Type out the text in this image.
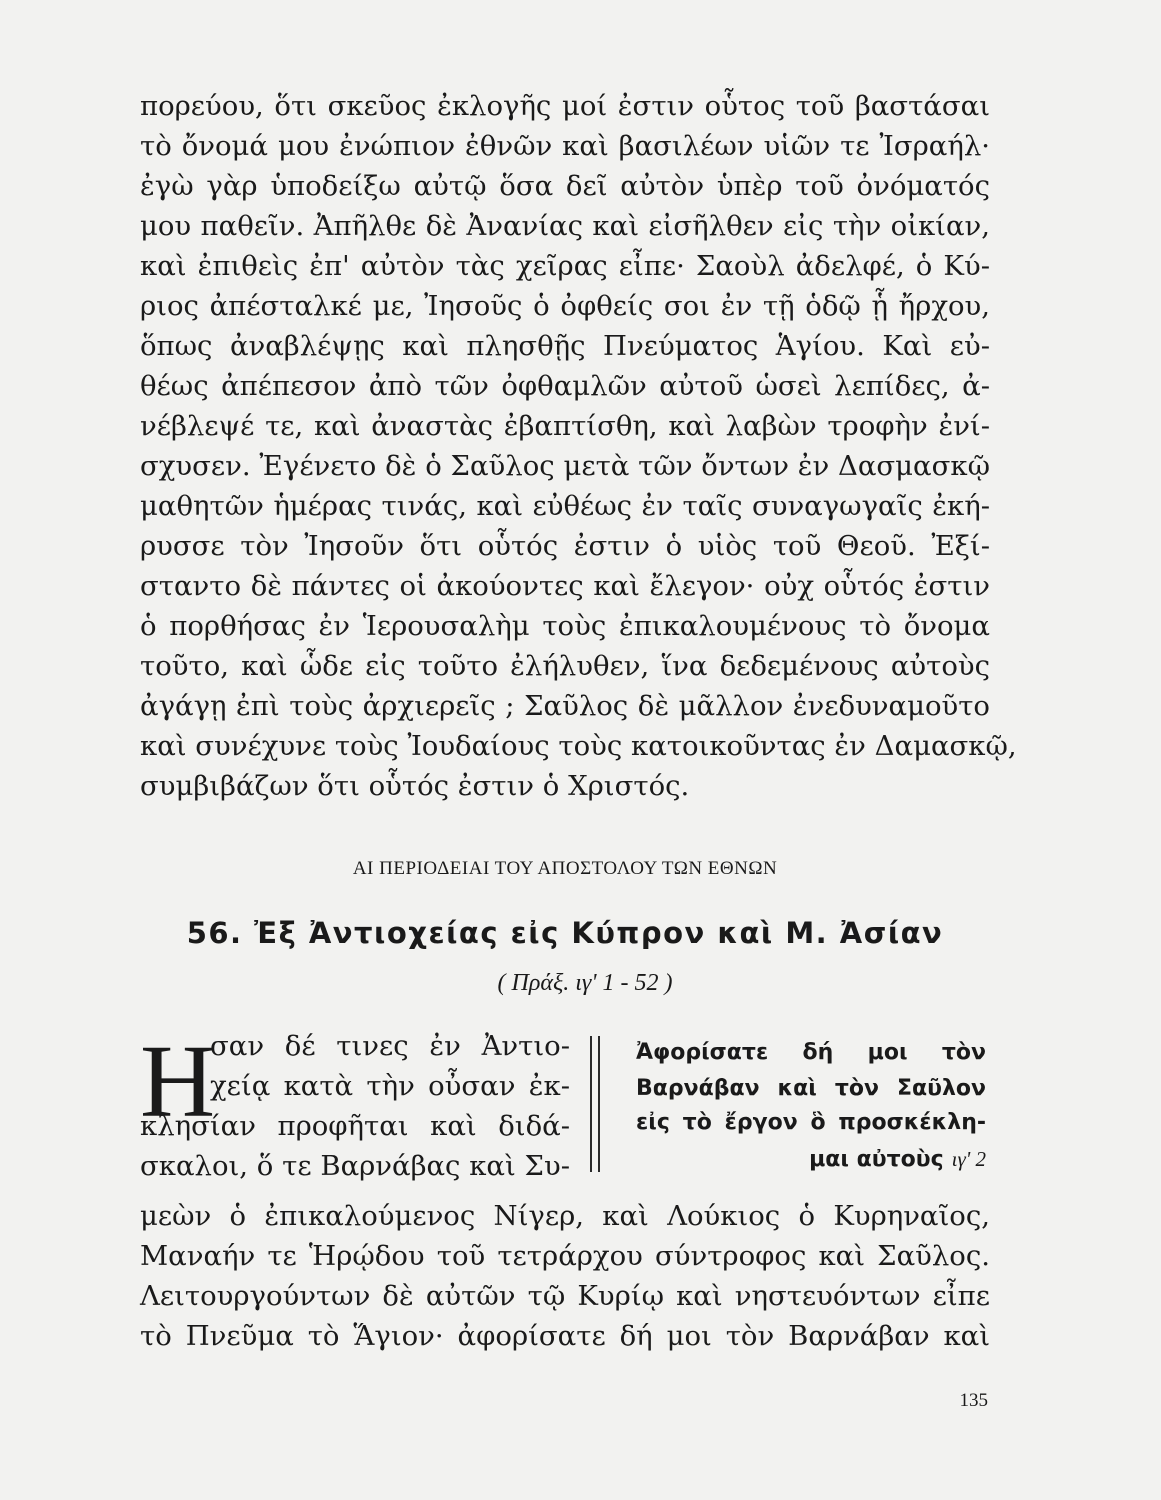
πορεύου, ὅτι σκεῦος ἐκλογῆς μοί ἐστιν οὗτος τοῦ βαστάσαι
τὸ ὄνομά μου ἐνώπιον ἐθνῶν καὶ βασιλέων υἱῶν τε Ἰσραήλ·
ἐγὼ γὰρ ὑποδείξω αὐτῷ ὅσα δεῖ αὐτὸν ὑπὲρ τοῦ ὀνόματός
μου παθεῖν. Ἀπῆλθε δὲ Ἀνανίας καὶ εἰσῆλθεν εἰς τὴν οἰκίαν,
καὶ ἐπιθεὶς ἐπ' αὐτὸν τὰς χεῖρας εἶπε· Σαοὺλ ἀδελφέ, ὁ Κύ-
ριος ἀπέσταλκέ με, Ἰησοῦς ὁ ὀφθείς σοι ἐν τῇ ὁδῷ ᾗ ἤρχου,
ὅπως ἀναβλέψῃς καὶ πλησθῇς Πνεύματος Ἁγίου. Καὶ εὐ-
θέως ἀπέπεσον ἀπὸ τῶν ὀφθαμλῶν αὐτοῦ ὡσεὶ λεπίδες, ἀ-
νέβλεψέ τε, καὶ ἀναστὰς ἐβαπτίσθη, καὶ λαβὼν τροφὴν ἐνί-
σχυσεν. Ἐγένετο δὲ ὁ Σαῦλος μετὰ τῶν ὄντων ἐν Δασμασκῷ
μαθητῶν ἡμέρας τινάς, καὶ εὐθέως ἐν ταῖς συναγωγαῖς ἐκή-
ρυσσε τὸν Ἰησοῦν ὅτι οὗτός ἐστιν ὁ υἱὸς τοῦ Θεοῦ. Ἐξί-
σταντο δὲ πάντες οἱ ἀκούοντες καὶ ἔλεγον· οὐχ οὗτός ἐστιν
ὁ πορθήσας ἐν Ἱερουσαλὴμ τοὺς ἐπικαλουμένους τὸ ὄνομα
τοῦτο, καὶ ὧδε εἰς τοῦτο ἐλήλυθεν, ἵνα δεδεμένους αὐτοὺς
ἀγάγῃ ἐπὶ τοὺς ἀρχιερεῖς ; Σαῦλος δὲ μᾶλλον ἐνεδυναμοῦτο
καὶ συνέχυνε τοὺς Ἰουδαίους τοὺς κατοικοῦντας ἐν Δαμασκῷ,
συμβιβάζων ὅτι οὗτός ἐστιν ὁ Χριστός.
ΑΙ ΠΕΡΙΟΔΕΙΑΙ ΤΟΥ ΑΠΟΣΤΟΛΟΥ ΤΩΝ ΕΘΝΩΝ
56. Ἐξ Ἀντιοχείας εἰς Κύπρον καὶ Μ. Ἀσίαν
( Πράξ. ιγ' 1 - 52 )
Η
σαν δέ τινες ἐν Ἀντιο-
χείᾳ κατὰ τὴν οὖσαν ἐκ-
κλησίαν προφῆται καὶ διδά-
σκαλοι, ὅ τε Βαρνάβας καὶ Συ-
Ἀφορίσατε δή μοι τὸν
Βαρνάβαν καὶ τὸν Σαῦλον
εἰς τὸ ἔργον ὃ προσκέκλη-
μαι αὐτοὺς ιγ' 2
μεὼν ὁ ἐπικαλούμενος Νίγερ, καὶ Λούκιος ὁ Κυρηναῖος,
Μαναήν τε Ἡρῴδου τοῦ τετράρχου σύντροφος καὶ Σαῦλος.
Λειτουργούντων δὲ αὐτῶν τῷ Κυρίῳ καὶ νηστευόντων εἶπε
τὸ Πνεῦμα τὸ Ἅγιον· ἀφορίσατε δή μοι τὸν Βαρνάβαν καὶ
135
